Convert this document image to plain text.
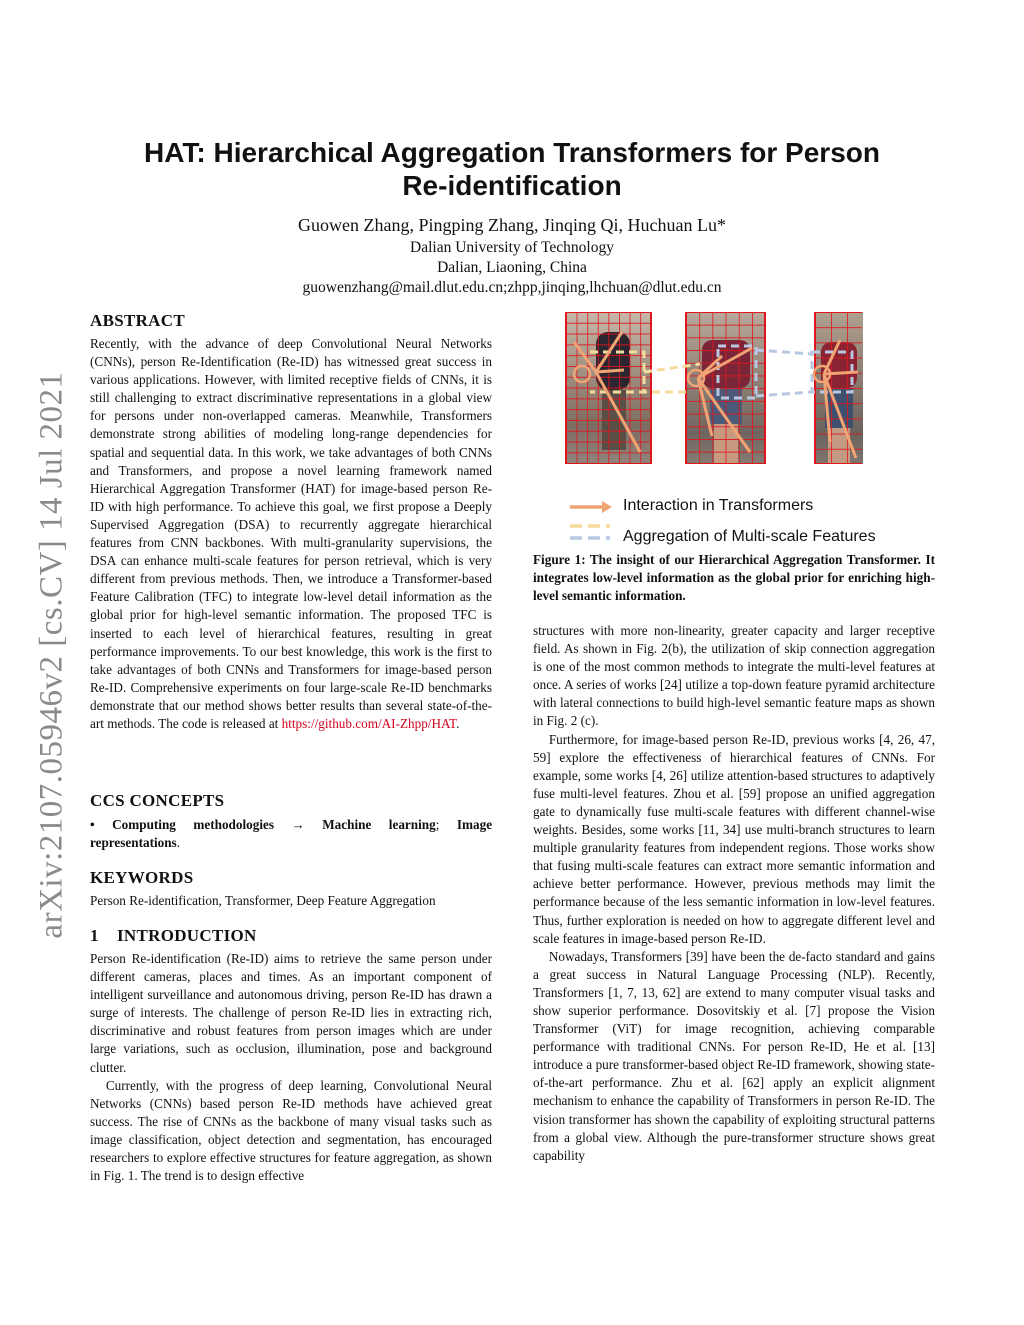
arXiv:2107.05946v2 [cs.CV] 14 Jul 2021
HAT: Hierarchical Aggregation Transformers for Person
Re-identification
Guowen Zhang, Pingping Zhang, Jinqing Qi, Huchuan Lu*
Dalian University of Technology
Dalian, Liaoning, China
guowenzhang@mail.dlut.edu.cn;zhpp,jinqing,lhchuan@dlut.edu.cn
ABSTRACT

Recently, with the advance of deep Convolutional Neural Networks (CNNs), person Re-Identification (Re-ID) has witnessed great success in various applications. However, with limited receptive fields of CNNs, it is still challenging to extract discriminative representations in a global view for persons under non-overlapped cameras. Meanwhile, Transformers demonstrate strong abilities of modeling long-range dependencies for spatial and sequential data. In this work, we take advantages of both CNNs and Transformers, and propose a novel learning framework named Hierarchical Aggregation Transformer (HAT) for image-based person Re-ID with high performance. To achieve this goal, we first propose a Deeply Supervised Aggregation (DSA) to recurrently aggregate hierarchical features from CNN backbones. With multi-granularity supervisions, the DSA can enhance multi-scale features for person retrieval, which is very different from previous methods. Then, we introduce a Transformer-based Feature Calibration (TFC) to integrate low-level detail information as the global prior for high-level semantic information. The proposed TFC is inserted to each level of hierarchical features, resulting in great performance improvements. To our best knowledge, this work is the first to take advantages of both CNNs and Transformers for image-based person Re-ID. Comprehensive experiments on four large-scale Re-ID benchmarks demonstrate that our method shows better results than several state-of-the-art methods. The code is released at https://github.com/AI-Zhpp/HAT.

CCS CONCEPTS

• Computing methodologies → Machine learning; Image representations.

KEYWORDS
Person Re-identification, Transformer, Deep Feature Aggregation
1    INTRODUCTION

Person Re-identification (Re-ID) aims to retrieve the same person under different cameras, places and times. As an important component of intelligent surveillance and autonomous driving, person Re-ID has drawn a surge of interests. The challenge of person Re-ID lies in extracting rich, discriminative and robust features from person images which are under large variations, such as occlusion, illumination, pose and background clutter.

Currently, with the progress of deep learning, Convolutional Neural Networks (CNNs) based person Re-ID methods have achieved great success. The rise of CNNs as the backbone of many visual tasks such as image classification, object detection and segmentation, has encouraged researchers to explore effective structures for feature aggregation, as shown in Fig. 1. The trend is to design effective

Interaction in Transformers
Aggregation of Multi-scale Features
Figure 1: The insight of our Hierarchical Aggregation Transformer. It integrates low-level information as the global prior for enriching high-level semantic information.

structures with more non-linearity, greater capacity and larger receptive field. As shown in Fig. 2(b), the utilization of skip connection aggregation is one of the most common methods to integrate the multi-level features at once. A series of works [24] utilize a top-down feature pyramid architecture with lateral connections to build high-level semantic feature maps as shown in Fig. 2 (c).

Furthermore, for image-based person Re-ID, previous works [4, 26, 47, 59] explore the effectiveness of hierarchical features of CNNs. For example, some works [4, 26] utilize attention-based structures to adaptively fuse multi-level features. Zhou et al. [59] propose an unified aggregation gate to dynamically fuse multi-scale features with different channel-wise weights. Besides, some works [11, 34] use multi-branch structures to learn multiple granularity features from independent regions. Those works show that fusing multi-scale features can extract more semantic information and achieve better performance. However, previous methods may limit the performance because of the less semantic information in low-level features. Thus, further exploration is needed on how to aggregate different level and scale features in image-based person Re-ID.

Nowadays, Transformers [39] have been the de-facto standard and gains a great success in Natural Language Processing (NLP). Recently, Transformers [1, 7, 13, 62] are extend to many computer visual tasks and show superior performance. Dosovitskiy et al. [7] propose the Vision Transformer (ViT) for image recognition, achieving comparable performance with traditional CNNs. For person Re-ID, He et al. [13] introduce a pure transformer-based object Re-ID framework, showing state-of-the-art performance. Zhu et al. [62] apply an explicit alignment mechanism to enhance the capability of Transformers in person Re-ID. The vision transformer has shown the capability of exploiting structural patterns from a global view. Although the pure-transformer structure shows great capability
